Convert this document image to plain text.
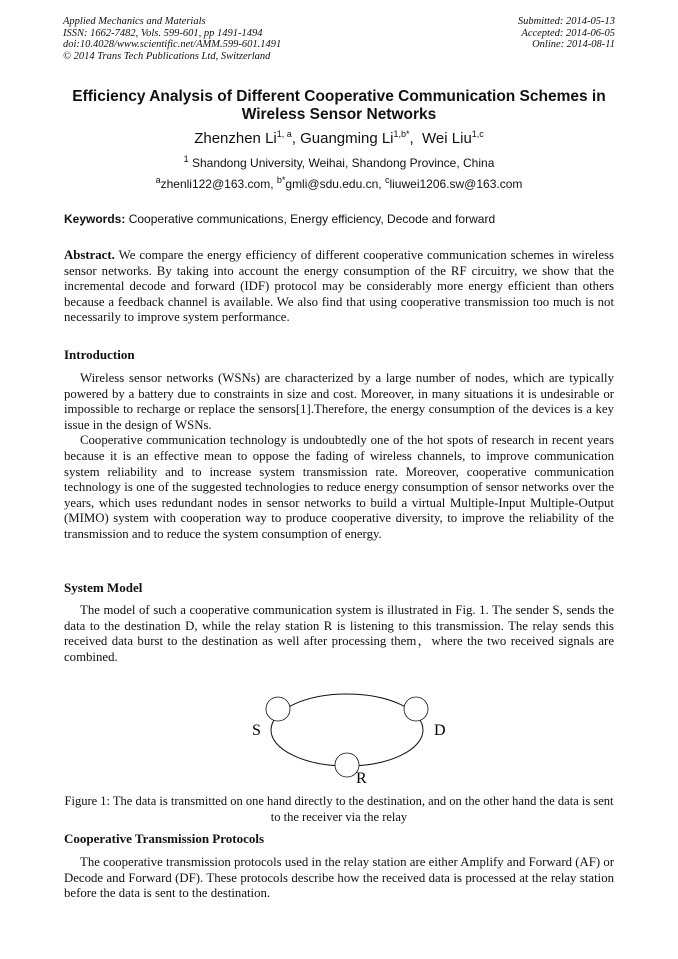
Applied Mechanics and Materials
ISSN: 1662-7482, Vols. 599-601, pp 1491-1494
doi:10.4028/www.scientific.net/AMM.599-601.1491
© 2014 Trans Tech Publications Ltd, Switzerland
Submitted: 2014-05-13
Accepted: 2014-06-05
Online: 2014-08-11
Efficiency Analysis of Different Cooperative Communication Schemes in Wireless Sensor Networks
Zhenzhen Li$^{1, a}$, Guangming $Li^{1,b*}$,  Wei Liu$^{1,c}$
$^1$ Shandong University, Weihai, Shandong Province, China
$^a$zhenli122@163.com, $^{b*}$gmli@sdu.edu.cn, $^c$liuwei1206.sw@163.com
Keywords: Cooperative communications, Energy efficiency, Decode and forward

Abstract. We compare the energy efficiency of different cooperative communication schemes in wireless sensor networks. By taking into account the energy consumption of the RF circuitry, we show that the incremental decode and forward (IDF) protocol may be considerably more energy efficient than others because a feedback channel is available. We also find that using cooperative transmission too much is not necessarily to improve system performance.

Introduction

Wireless sensor networks (WSNs) are characterized by a large number of nodes, which are typically powered by a battery due to constraints in size and cost. Moreover, in many situations it is undesirable or impossible to recharge or replace the sensors[1].Therefore, the energy consumption of the devices is a key issue in the design of WSNs.

Cooperative communication technology is undoubtedly one of the hot spots of research in recent years because it is an effective mean to oppose the fading of wireless channels, to improve communication system reliability and to increase system transmission rate. Moreover, cooperative communication technology is one of the suggested technologies to reduce energy consumption of sensor networks over the years, which uses redundant nodes in sensor networks to build a virtual Multiple-Input Multiple-Output (MIMO) system with cooperation way to produce cooperative diversity, to improve the reliability of the transmission and to reduce the system consumption of energy.

System Model

The model of such a cooperative communication system is illustrated in Fig. 1. The sender S, sends the data to the destination D, while the relay station R is listening to this transmission. The relay sends this received data burst to the destination as well after processing them，where the two received signals are combined.

S	D
R
Figure 1: The data is transmitted on one hand directly to the destination, and on the other hand the data is sent to the receiver via the relay
Cooperative Transmission Protocols

The cooperative transmission protocols used in the relay station are either Amplify and Forward (AF) or Decode and Forward (DF). These protocols describe how the received data is processed at the relay station before the data is sent to the destination.
